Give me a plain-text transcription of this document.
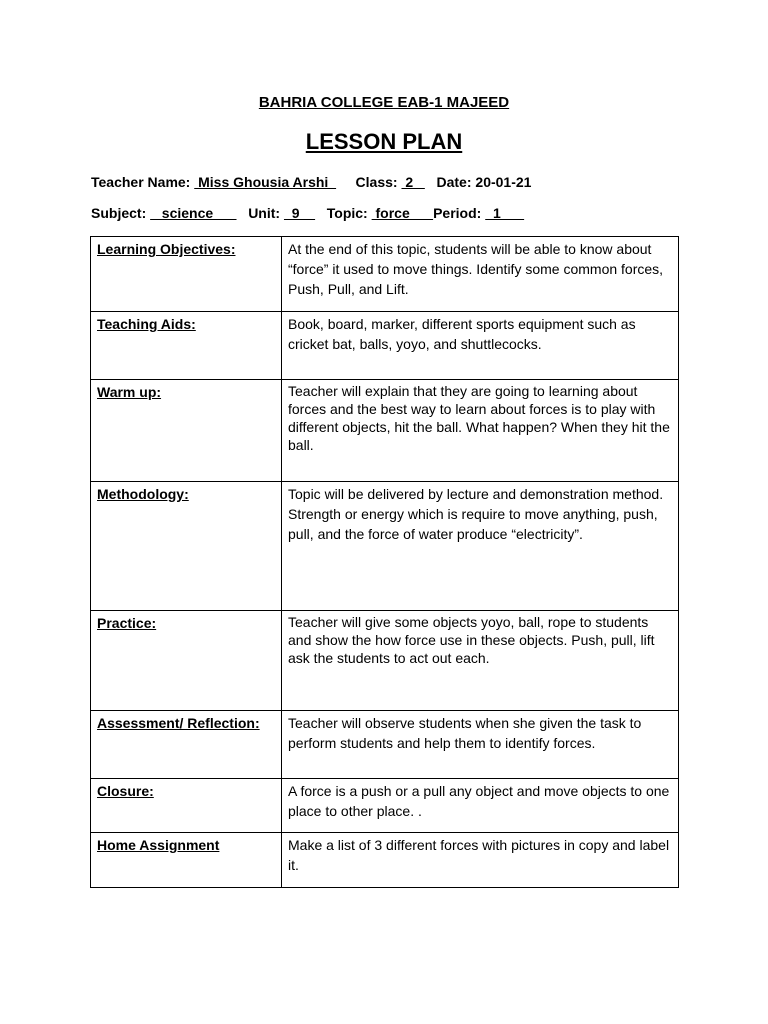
BAHRIA COLLEGE EAB-1 MAJEED
LESSON PLAN
Teacher Name:  Miss Ghousia Arshi       Class:  2      Date: 20-01-21
Subject:    science         Unit:   9       Topic:  force      Period:   1
Learning Objectives:	At the end of this topic, students will be able to know about “force” it used to move things. Identify some common forces, Push, Pull, and Lift.
Teaching Aids:	Book, board, marker, different sports equipment such as cricket bat, balls, yoyo, and shuttlecocks.
Warm up:	Teacher will explain that they are going to learning about forces and the best way to learn about forces is to play with different objects, hit the ball. What happen? When they hit the ball.
Methodology:	Topic will be delivered by lecture and demonstration method. Strength or energy which is require to move anything, push, pull, and the force of water produce “electricity”.
Practice:	Teacher will give some objects yoyo, ball, rope to students and show the how force use in these objects. Push, pull, lift ask the students to act out each.
Assessment/ Reflection:	Teacher will observe students when she given the task to perform students and help them to identify forces.
Closure:	A force is a push or a pull any object and move objects to one place to other place. .
Home Assignment	Make a list of 3 different forces with pictures in copy and label it.
